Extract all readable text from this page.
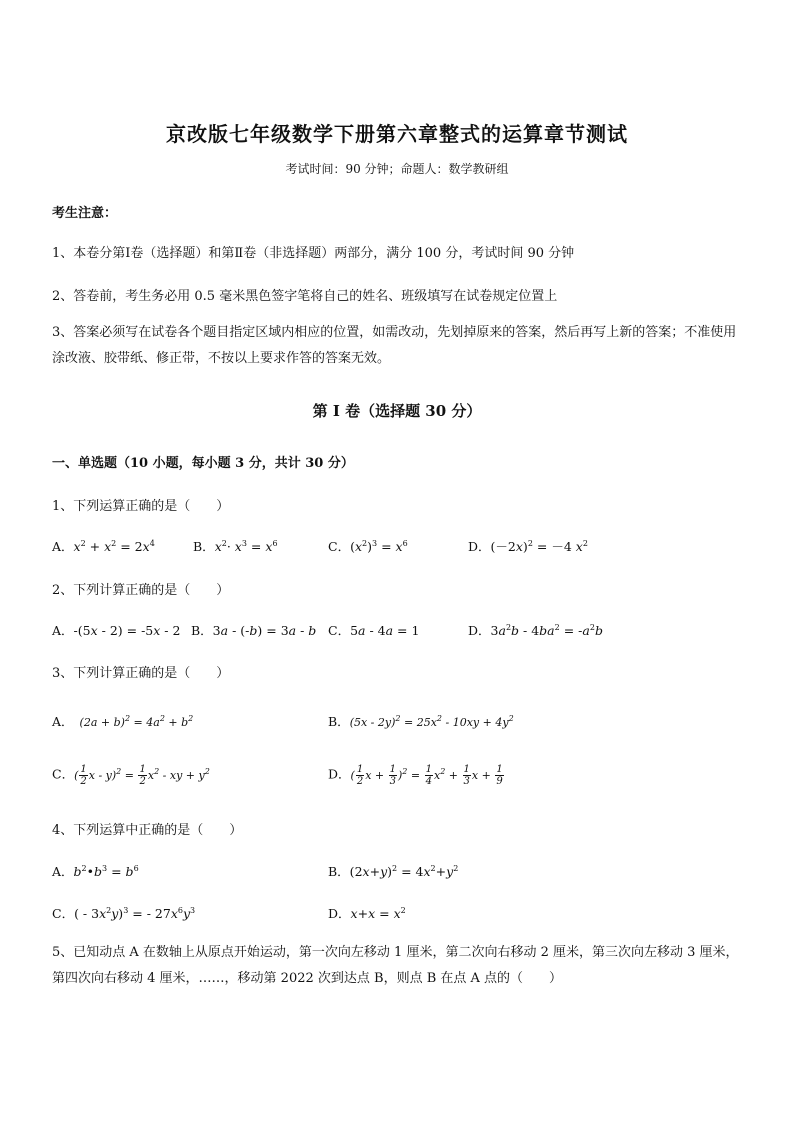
京改版七年级数学下册第六章整式的运算章节测试
考试时间：90 分钟；命题人：数学教研组
考生注意：
1、本卷分第Ⅰ卷（选择题）和第Ⅱ卷（非选择题）两部分，满分 100 分，考试时间 90 分钟
2、答卷前，考生务必用 0.5 毫米黑色签字笔将自己的姓名、班级填写在试卷规定位置上
3、答案必须写在试卷各个题目指定区域内相应的位置，如需改动，先划掉原来的答案，然后再写上新的答案；不准使用涂改液、胶带纸、修正带，不按以上要求作答的答案无效。
第 I 卷（选择题 30 分）
一、单选题（10 小题，每小题 3 分，共计 30 分）
1、下列运算正确的是（　　）
A．$x^2 + x^2 = 2x^4$	B．$x^2\cdot x^3 = x^6$	C．$(x^2)^3 = x^6$	D．$(-2x)^2 = -4$ $x^2$
2、下列计算正确的是（　　）
A．-(5x - 2) = -5x - 2 B．3a - (-b) = 3a - b C．5a - 4a = 1	D．$3a^2b - 4ba^2 = -a^2b$
3、下列计算正确的是（　　）
A． $(2a + b)^2 = 4a^2 + b^2$	B．$(5x - 2y)^2 = 25x^2 - 10xy + 4y^2$
C．( $\frac{1}{2}$ $x - y)^2 = \frac{1}{2} x^2$ - xy + $y^2$	D．( $\frac{1}{2}$ $x + \frac{1}{3} )^2 = \frac{1}{4} x^2 + \frac{1}{3}$ $x + \frac{1}{9}$
4、下列运算中正确的是（　　）
A．$b^2•b^3 = b^6$	B．$(2x+y)^2 = 4x^2+y^2$
C．( - $3x^2y)^3$ = - $27x^6y^3$	D．$x+x = x^2$
5、已知动点 A 在数轴上从原点开始运动，第一次向左移动 1 厘米，第二次向右移动 2 厘米，第三次向左移动 3 厘米，第四次向右移动 4 厘米，……，移动第 2022 次到达点 B，则点 B 在点 A 点的（　　）
